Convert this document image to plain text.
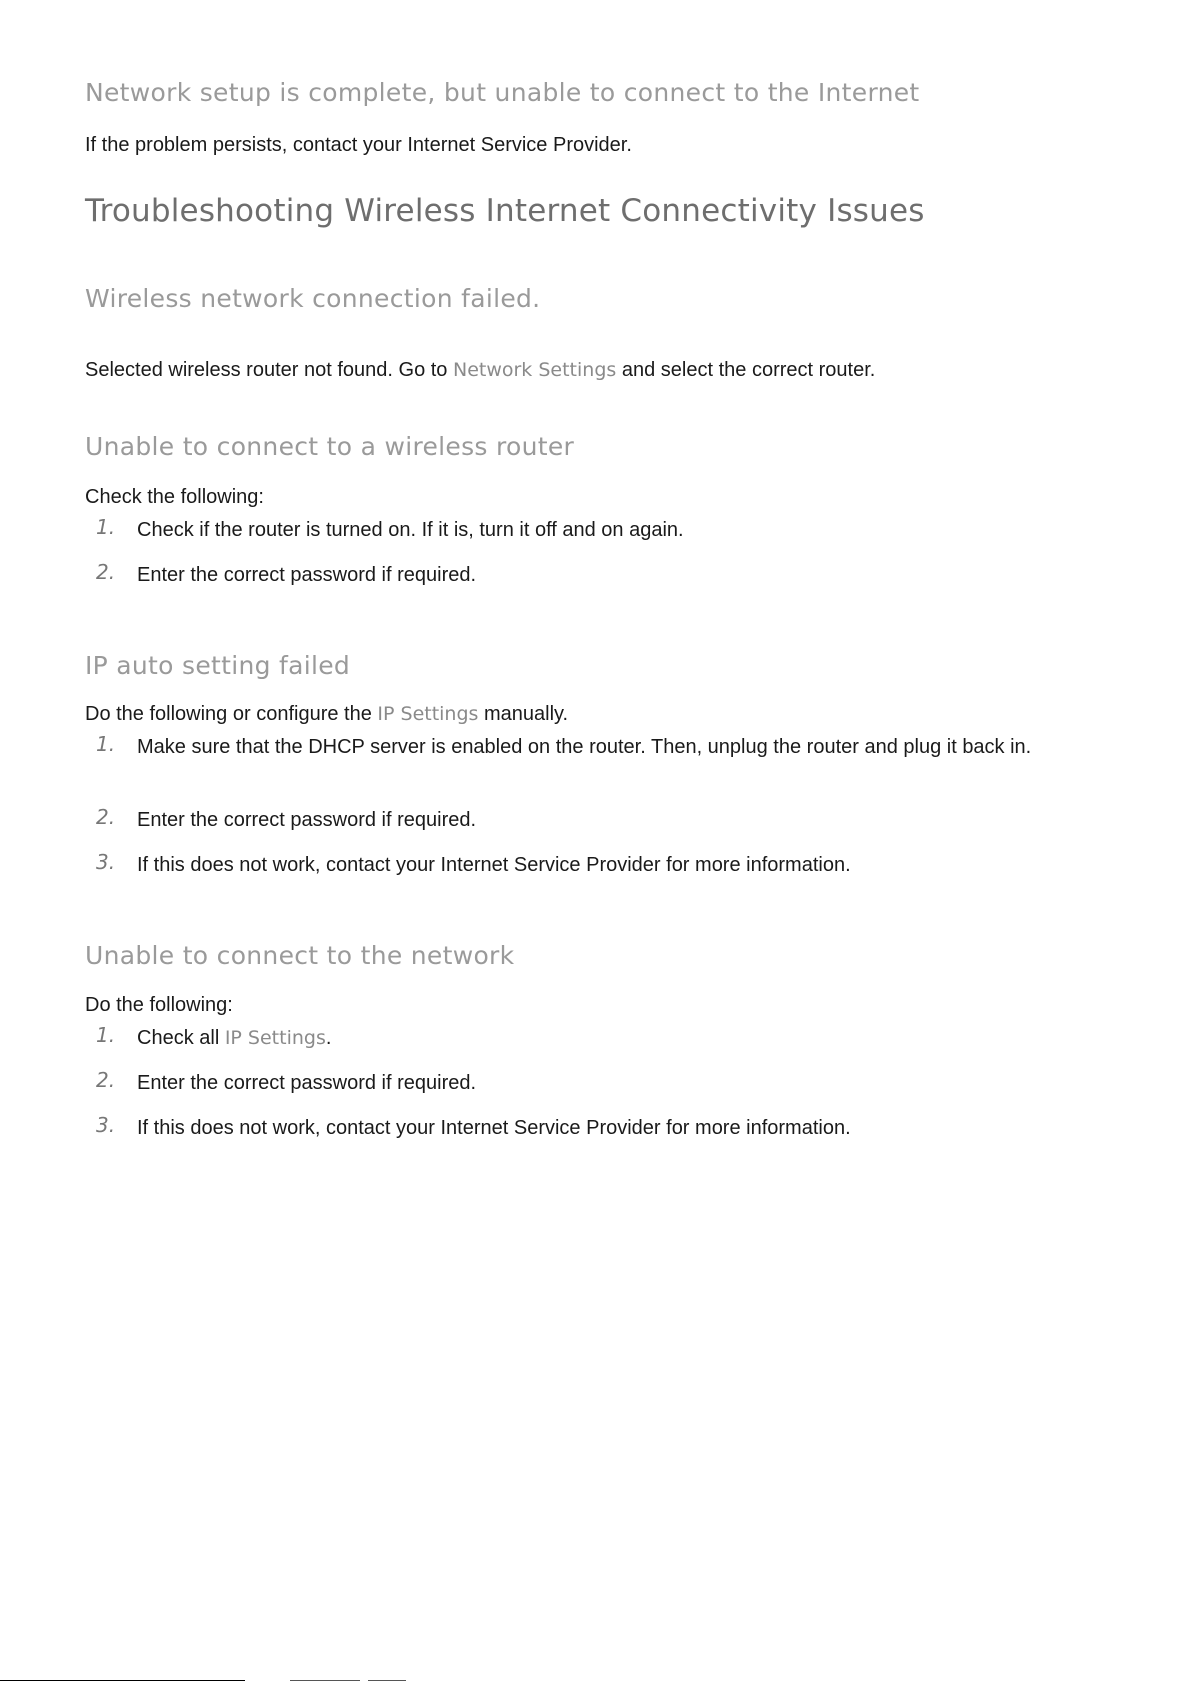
Network setup is complete, but unable to connect to the Internet

If the problem persists, contact your Internet Service Provider.

Troubleshooting Wireless Internet Connectivity Issues
Wireless network connection failed.

Selected wireless router not found. Go to Network Settings and select the correct router.

Unable to connect to a wireless router

Check the following:

1. Check if the router is turned on. If it is, turn it off and on again.
2. Enter the correct password if required.
IP auto setting failed

Do the following or configure the IP Settings manually.

1. Make sure that the DHCP server is enabled on the router. Then, unplug the router and plug it back in.
2. Enter the correct password if required.
3. If this does not work, contact your Internet Service Provider for more information.
Unable to connect to the network

Do the following:

1. Check all IP Settings.
2. Enter the correct password if required.
3. If this does not work, contact your Internet Service Provider for more information.
